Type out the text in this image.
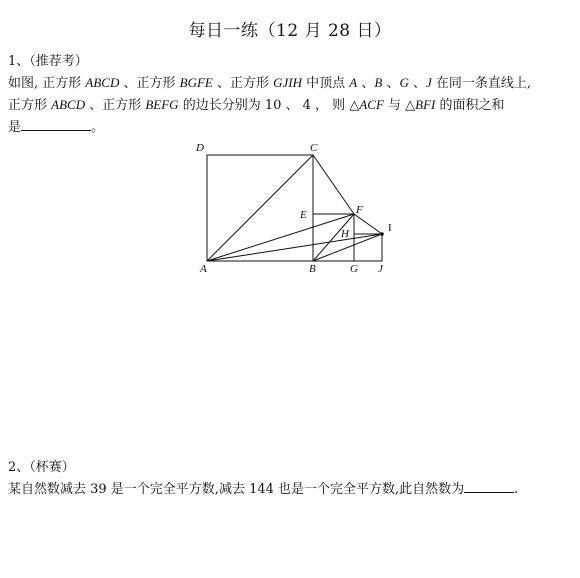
每日一练（12 月 28 日）
1、（推荐考）
如图, 正方形 ABCD 、正方形 BGFE 、正方形 GJIH 中顶点 A 、B 、G 、J 在同一条直线上,
正方形 ABCD 、正方形 BEFG 的边长分别为 10 、 4 ， 则 △ACF 与 △BFI 的面积之和
是	。
D	C
E	F
H	I
A	B	G J
2、（杯赛）
某自然数减去 39 是一个完全平方数,减去 144 也是一个完全平方数,此自然数为	.
